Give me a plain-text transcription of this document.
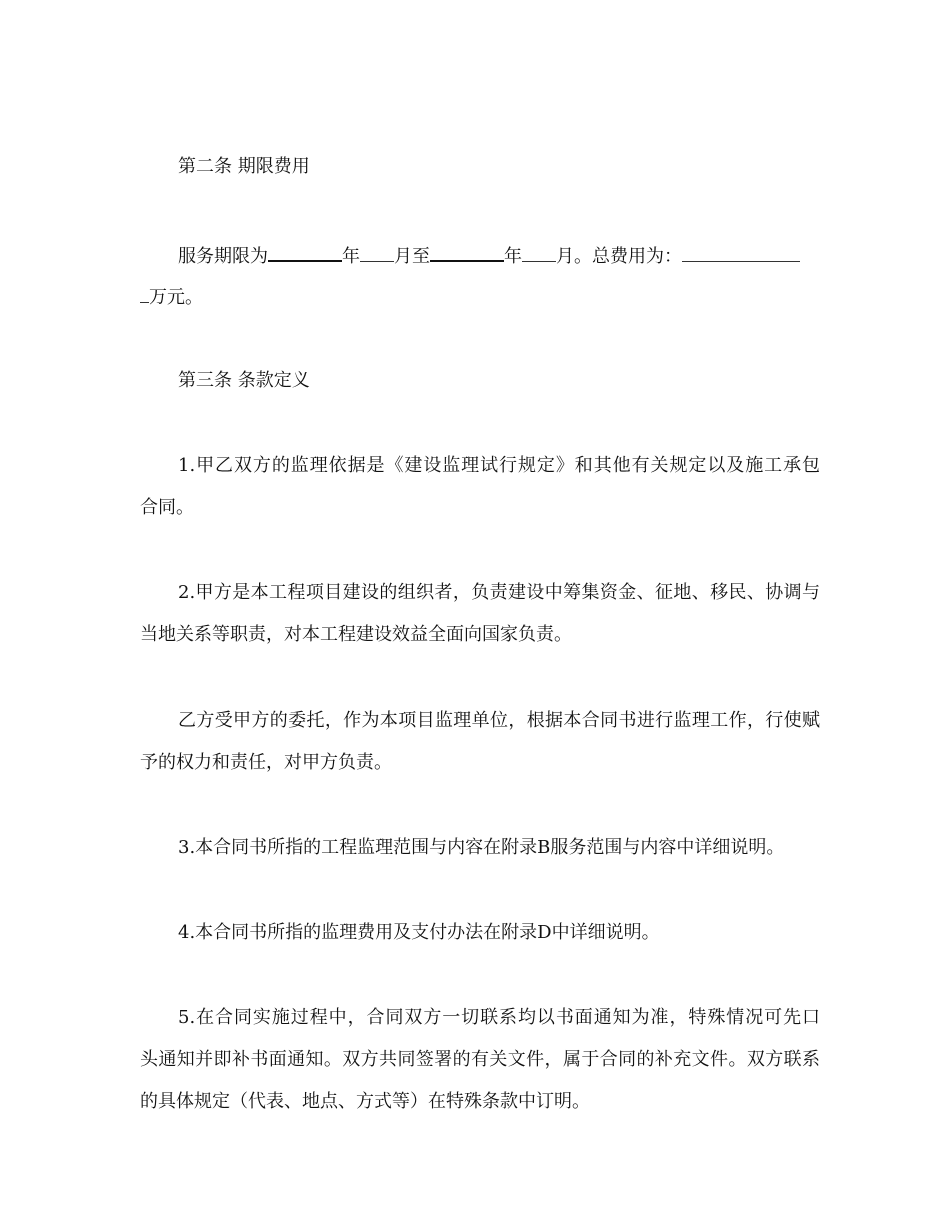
第二条 期限费用
服务期限为	年 月至	年 月。总费用为：
万元。
第三条 条款定义
1.甲乙双方的监理依据是《建设监理试行规定》和其他有关规定以及施工承包
合同。
2.甲方是本工程项目建设的组织者，负责建设中筹集资金、征地、移民、协调与
当地关系等职责，对本工程建设效益全面向国家负责。
乙方受甲方的委托，作为本项目监理单位，根据本合同书进行监理工作，行使赋
予的权力和责任，对甲方负责。
3.本合同书所指的工程监理范围与内容在附录B服务范围与内容中详细说明。
4.本合同书所指的监理费用及支付办法在附录D中详细说明。
5.在合同实施过程中，合同双方一切联系均以书面通知为准，特殊情况可先口
头通知并即补书面通知。双方共同签署的有关文件，属于合同的补充文件。双方联系
的具体规定（代表、地点、方式等）在特殊条款中订明。
